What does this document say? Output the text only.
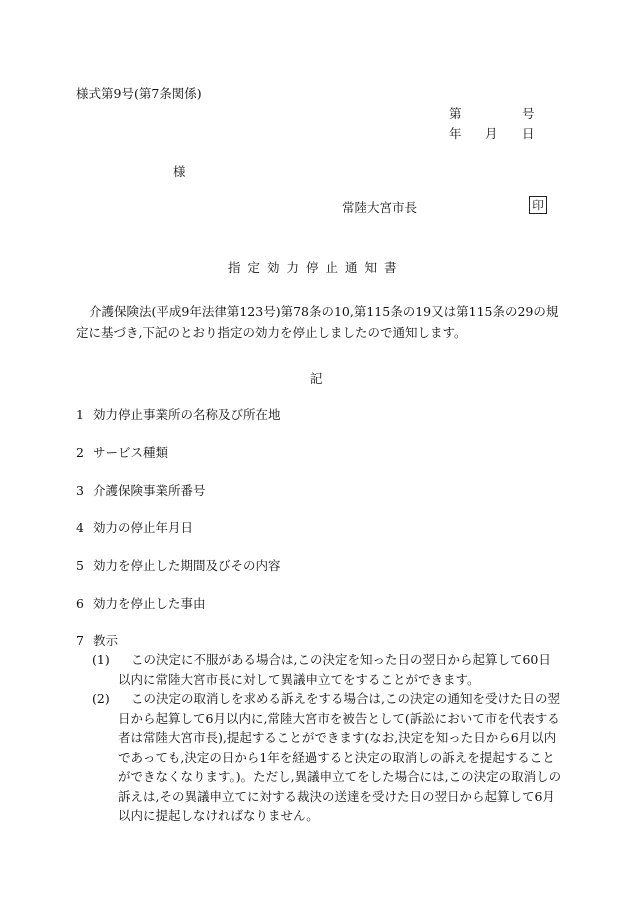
様式第9号(第7条関係)
第	号
年 月 日
様
常陸大宮市長	印
指定効力停止通知書
介護保険法(平成9年法律第123号)第78条の10,第115条の19又は第115条の29の規定に基づき,下記のとおり指定の効力を停止しましたので通知します。
記
1 効力停止事業所の名称及び所在地
2 サービス種類
3 介護保険事業所番号
4 効力の停止年月日
5 効力を停止した期間及びその内容
6 効力を停止した事由
7 教示
(1)	この決定に不服がある場合は,この決定を知った日の翌日から起算して60日以内に常陸大宮市長に対して異議申立てをすることができます。
(2)	この決定の取消しを求める訴えをする場合は,この決定の通知を受けた日の翌日から起算して6月以内に,常陸大宮市を被告として(訴訟において市を代表する者は常陸大宮市長),提起することができます(なお,決定を知った日から6月以内であっても,決定の日から1年を経過すると決定の取消しの訴えを提起することができなくなります。)。ただし,異議申立てをした場合には,この決定の取消しの訴えは,その異議申立てに対する裁決の送達を受けた日の翌日から起算して6月以内に提起しなければなりません。
